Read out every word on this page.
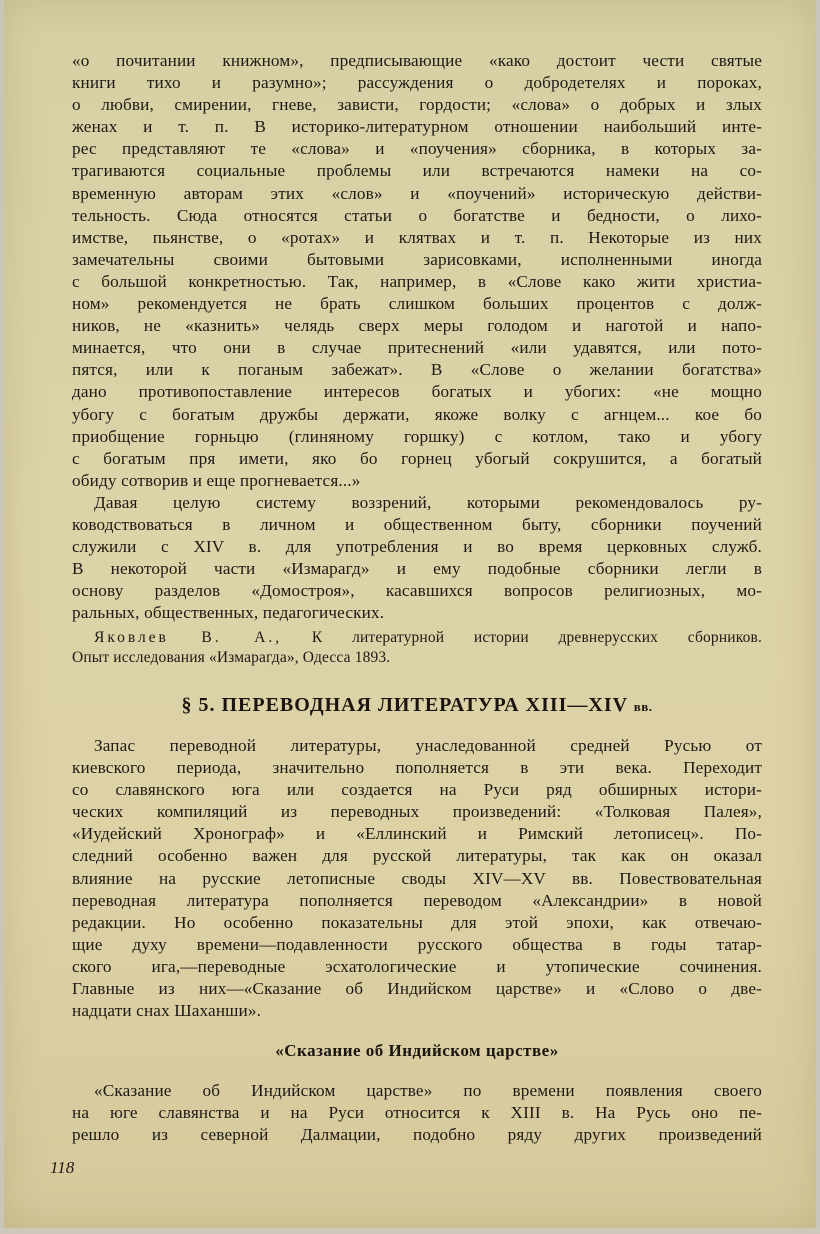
«о почитании книжном», предписывающие «како достоит чести святые
книги тихо и разумно»; рассуждения о добродетелях и пороках,
о любви, смирении, гневе, зависти, гордости; «слова» о добрых и злых
женах и т. п. В историко-литературном отношении наибольший инте-
рес представляют те «слова» и «поучения» сборника, в которых за-
трагиваются социальные проблемы или встречаются намеки на со-
временную авторам этих «слов» и «поучений» историческую действи-
тельность. Сюда относятся статьи о богатстве и бедности, о лихо-
имстве, пьянстве, о «ротах» и клятвах и т. п. Некоторые из них
замечательны своими бытовыми зарисовками, исполненными иногда
с большой конкретностью. Так, например, в «Слове како жити христиа-
ном» рекомендуется не брать слишком больших процентов с долж-
ников, не «казнить» челядь сверх меры голодом и наготой и напо-
минается, что они в случае притеснений «или удавятся, или пото-
пятся, или к поганым забежат». В «Слове о желании богатства»
дано противопоставление интересов богатых и убогих: «не мощно
убогу с богатым дружбы держати, якоже волку с агнцем... кое бо
приобщение горньцю (глиняному горшку) с котлом, тако и убогу
с богатым пря имети, яко бо горнец убогый сокрушится, а богатый
обиду сотворив и еще прогневается...»
Давая целую систему воззрений, которыми рекомендовалось ру-
ководствоваться в личном и общественном быту, сборники поучений
служили с XIV в. для употребления и во время церковных служб.
В некоторой части «Измарагд» и ему подобные сборники легли в
основу разделов «Домостроя», касавшихся вопросов религиозных, мо-
ральных, общественных, педагогических.
Яковлев В. А., К литературной истории древнерусских сборников.
Опыт исследования «Измарагда», Одесса 1893.
§ 5. ПЕРЕВОДНАЯ ЛИТЕРАТУРА XIII—XIV вв.
Запас переводной литературы, унаследованной средней Русью от
киевского периода, значительно пополняется в эти века. Переходит
со славянского юга или создается на Руси ряд обширных истори-
ческих компиляций из переводных произведений: «Толковая Палея»,
«Иудейский Хронограф» и «Еллинский и Римский летописец». По-
следний особенно важен для русской литературы, так как он оказал
влияние на русские летописные своды XIV—XV вв. Повествовательная
переводная литература пополняется переводом «Александрии» в новой
редакции. Но особенно показательны для этой эпохи, как отвечаю-
щие духу времени—подавленности русского общества в годы татар-
ского ига,—переводные эсхатологические и утопические сочинения.
Главные из них—«Сказание об Индийском царстве» и «Слово о две-
надцати снах Шаханши».
«Сказание об Индийском царстве»
«Сказание об Индийском царстве» по времени появления своего
на юге славянства и на Руси относится к XIII в. На Русь оно пе-
решло из северной Далмации, подобно ряду других произведений
118
